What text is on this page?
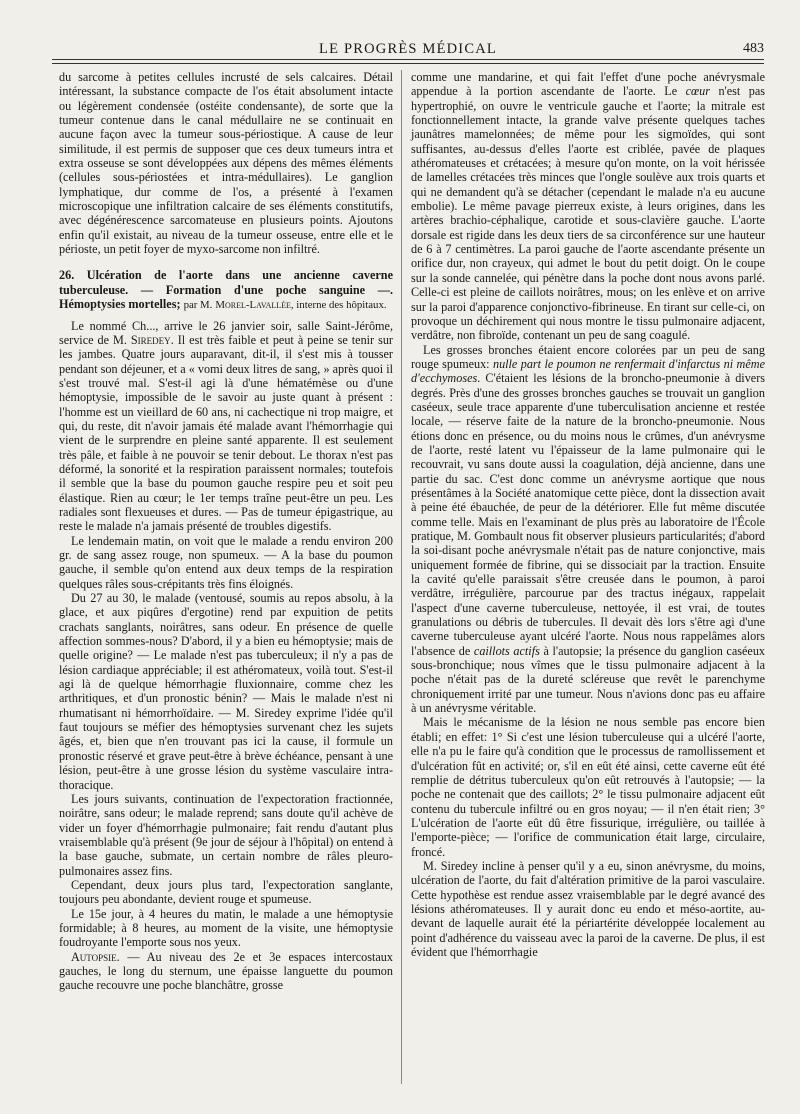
LE PROGRÈS MÉDICAL	483

du sarcome à petites cellules incrusté de sels calcaires. Détail intéressant, la substance compacte de l'os était absolument intacte ou légèrement condensée (ostéite condensante), de sorte que la tumeur contenue dans le canal médullaire ne se continuait en aucune façon avec la tumeur sous-périostique. A cause de leur similitude, il est permis de supposer que ces deux tumeurs intra et extra osseuse se sont développées aux dépens des mêmes éléments (cellules sous-périostées et intra-médullaires). Le ganglion lymphatique, dur comme de l'os, a présenté à l'examen microscopique une infiltration calcaire de ses éléments constitutifs, avec dégénérescence sarcomateuse en plusieurs points. Ajoutons enfin qu'il existait, au niveau de la tumeur osseuse, entre elle et le périoste, un petit foyer de myxo-sarcome non infiltré.

26. Ulcération de l'aorte dans une ancienne caverne tuberculeuse. — Formation d'une poche sanguine —. Hémoptysies mortelles; par M. Morel-Lavallée, interne des hôpitaux.

Le nommé Ch..., arrive le 26 janvier soir, salle Saint-Jérôme, service de M. Siredey. Il est très faible et peut à peine se tenir sur les jambes. Quatre jours auparavant, dit-il, il s'est mis à tousser pendant son déjeuner, et a « vomi deux litres de sang, » après quoi il s'est trouvé mal. S'est-il agi là d'une hématémèse ou d'une hémoptysie, impossible de le savoir au juste quant à présent : l'homme est un vieillard de 60 ans, ni cachectique ni trop maigre, et qui, du reste, dit n'avoir jamais été malade avant l'hémorrhagie qui vient de le surprendre en pleine santé apparente. Il est seulement très pâle, et faible à ne pouvoir se tenir debout. Le thorax n'est pas déformé, la sonorité et la respiration paraissent normales; toutefois il semble que la base du poumon gauche respire peu et soit peu élastique. Rien au cœur; le 1er temps traîne peut-être un peu. Les radiales sont flexueuses et dures. — Pas de tumeur épigastrique, au reste le malade n'a jamais présenté de troubles digestifs.

Le lendemain matin, on voit que le malade a rendu environ 200 gr. de sang assez rouge, non spumeux. — A la base du poumon gauche, il semble qu'on entend aux deux temps de la respiration quelques râles sous-crépitants très fins éloignés.

Du 27 au 30, le malade (ventousé, soumis au repos absolu, à la glace, et aux piqûres d'ergotine) rend par expuition de petits crachats sanglants, noirâtres, sans odeur. En présence de quelle affection sommes-nous? D'abord, il y a bien eu hémoptysie; mais de quelle origine? — Le malade n'est pas tuberculeux; il n'y a pas de lésion cardiaque appréciable; il est athéromateux, voilà tout. S'est-il agi là de quelque hémorrhagie fluxionnaire, comme chez les arthritiques, et d'un pronostic bénin? — Mais le malade n'est ni rhumatisant ni hémorrhoïdaire. — M. Siredey exprime l'idée qu'il faut toujours se méfier des hémoptysies survenant chez les sujets âgés, et, bien que n'en trouvant pas ici la cause, il formule un pronostic réservé et grave peut-être à brève échéance, pensant à une lésion, peut-être à une grosse lésion du système vasculaire intra-thoracique.

Les jours suivants, continuation de l'expectoration fractionnée, noirâtre, sans odeur; le malade reprend; sans doute qu'il achève de vider un foyer d'hémorrhagie pulmonaire; fait rendu d'autant plus vraisemblable qu'à présent (9e jour de séjour à l'hôpital) on entend à la base gauche, submate, un certain nombre de râles pleuro-pulmonaires assez fins.

Cependant, deux jours plus tard, l'expectoration sanglante, toujours peu abondante, devient rouge et spumeuse.

Le 15e jour, à 4 heures du matin, le malade a une hémoptysie formidable; à 8 heures, au moment de la visite, une hémoptysie foudroyante l'emporte sous nos yeux.

Autopsie. — Au niveau des 2e et 3e espaces intercostaux gauches, le long du sternum, une épaisse languette du poumon gauche recouvre une poche blanchâtre, grosse

comme une mandarine, et qui fait l'effet d'une poche anévrysmale appendue à la portion ascendante de l'aorte. Le cœur n'est pas hypertrophié, on ouvre le ventricule gauche et l'aorte; la mitrale est fonctionnellement intacte, la grande valve présente quelques taches jaunâtres mamelonnées; de même pour les sigmoïdes, qui sont suffisantes, au-dessus d'elles l'aorte est criblée, pavée de plaques athéromateuses et crétacées; à mesure qu'on monte, on la voit hérissée de lamelles crétacées très minces que l'ongle soulève aux trois quarts et qui ne demandent qu'à se détacher (cependant le malade n'a eu aucune embolie). Le même pavage pierreux existe, à leurs origines, dans les artères brachio-céphalique, carotide et sous-clavière gauche. L'aorte dorsale est rigide dans les deux tiers de sa circonférence sur une hauteur de 6 à 7 centimètres. La paroi gauche de l'aorte ascendante présente un orifice dur, non crayeux, qui admet le bout du petit doigt. On le coupe sur la sonde cannelée, qui pénètre dans la poche dont nous avons parlé. Celle-ci est pleine de caillots noirâtres, mous; on les enlève et on arrive sur la paroi d'apparence conjonctivo-fibrineuse. En tirant sur celle-ci, on provoque un déchirement qui nous montre le tissu pulmonaire adjacent, verdâtre, non fibroïde, contenant un peu de sang coagulé.

Les grosses bronches étaient encore colorées par un peu de sang rouge spumeux: nulle part le poumon ne renfermait d'infarctus ni même d'ecchymoses. C'étaient les lésions de la broncho-pneumonie à divers degrés. Près d'une des grosses bronches gauches se trouvait un ganglion caséeux, seule trace apparente d'une tuberculisation ancienne et restée locale, — réserve faite de la nature de la broncho-pneumonie. Nous étions donc en présence, ou du moins nous le crûmes, d'un anévrysme de l'aorte, resté latent vu l'épaisseur de la lame pulmonaire qui le recouvrait, vu sans doute aussi la coagulation, déjà ancienne, dans une partie du sac. C'est donc comme un anévrysme aortique que nous présentâmes à la Société anatomique cette pièce, dont la dissection avait à peine été ébauchée, de peur de la détériorer. Elle fut même discutée comme telle. Mais en l'examinant de plus près au laboratoire de l'École pratique, M. Gombault nous fit observer plusieurs particularités; d'abord la soi-disant poche anévrysmale n'était pas de nature conjonctive, mais uniquement formée de fibrine, qui se dissociait par la traction. Ensuite la cavité qu'elle paraissait s'être creusée dans le poumon, à paroi verdâtre, irrégulière, parcourue par des tractus inégaux, rappelait l'aspect d'une caverne tuberculeuse, nettoyée, il est vrai, de toutes granulations ou débris de tubercules. Il devait dès lors s'être agi d'une caverne tuberculeuse ayant ulcéré l'aorte. Nous nous rappelâmes alors l'absence de caillots actifs à l'autopsie; la présence du ganglion caséeux sous-bronchique; nous vîmes que le tissu pulmonaire adjacent à la poche n'était pas de la dureté scléreuse que revêt le parenchyme chroniquement irrité par une tumeur. Nous n'avions donc pas eu affaire à un anévrysme véritable.

Mais le mécanisme de la lésion ne nous semble pas encore bien établi; en effet: 1° Si c'est une lésion tuberculeuse qui a ulcéré l'aorte, elle n'a pu le faire qu'à condition que le processus de ramollissement et d'ulcération fût en activité; or, s'il en eût été ainsi, cette caverne eût été remplie de détritus tuberculeux qu'on eût retrouvés à l'autopsie; — la poche ne contenait que des caillots; 2° le tissu pulmonaire adjacent eût contenu du tubercule infiltré ou en gros noyau; — il n'en était rien; 3° L'ulcération de l'aorte eût dû être fissurique, irrégulière, ou taillée à l'emporte-pièce; — l'orifice de communication était large, circulaire, froncé.

M. Siredey incline à penser qu'il y a eu, sinon anévrysme, du moins, ulcération de l'aorte, du fait d'altération primitive de la paroi vasculaire. Cette hypothèse est rendue assez vraisemblable par le degré avancé des lésions athéromateuses. Il y aurait donc eu endo et méso-aortite, au-devant de laquelle aurait été la périartérite développée localement au point d'adhérence du vaisseau avec la paroi de la caverne. De plus, il est évident que l'hémorrhagie
